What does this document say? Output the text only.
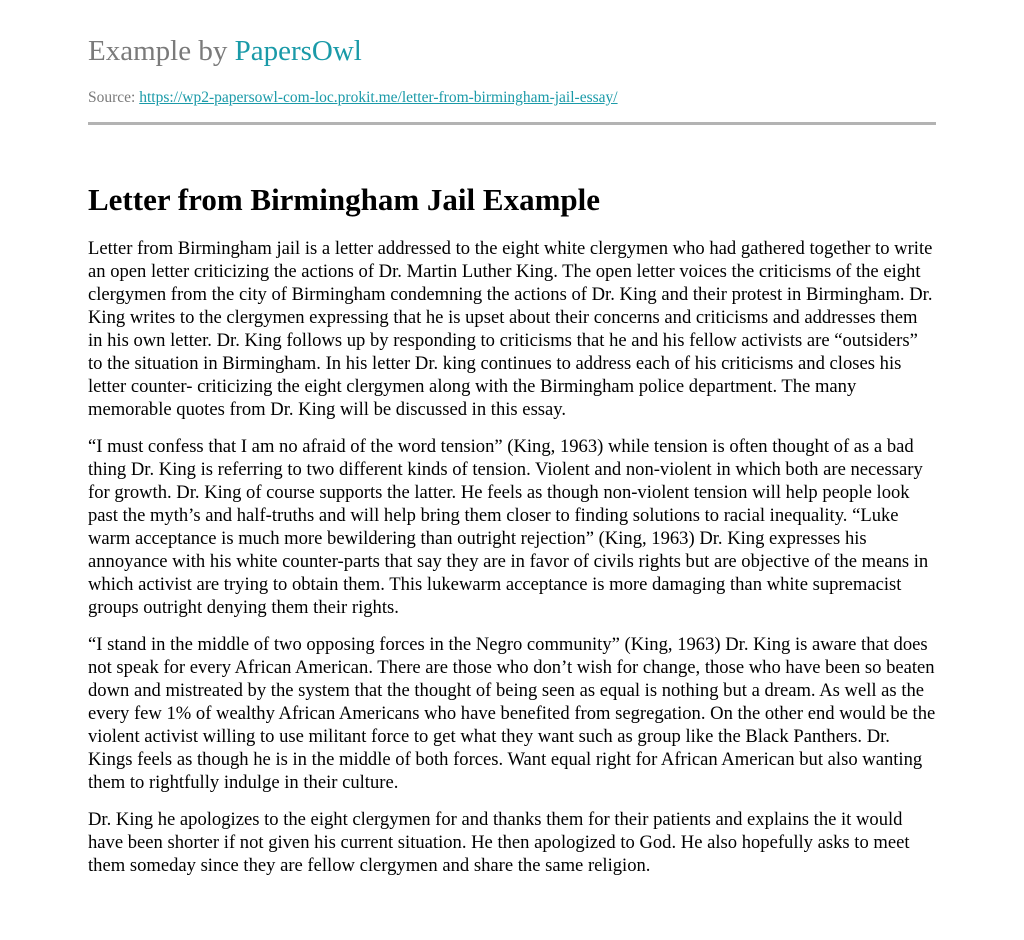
Example by PapersOwl
Source: https://wp2-papersowl-com-loc.prokit.me/letter-from-birmingham-jail-essay/
Letter from Birmingham Jail Example

Letter from Birmingham jail is a letter addressed to the eight white clergymen who had gathered together to write an open letter criticizing the actions of Dr. Martin Luther King. The open letter voices the criticisms of the eight clergymen from the city of Birmingham condemning the actions of Dr. King and their protest in Birmingham. Dr. King writes to the clergymen expressing that he is upset about their concerns and criticisms and addresses them in his own letter. Dr. King follows up by responding to criticisms that he and his fellow activists are “outsiders” to the situation in Birmingham. In his letter Dr. king continues to address each of his criticisms and closes his letter counter- criticizing the eight clergymen along with the Birmingham police department. The many memorable quotes from Dr. King will be discussed in this essay.

“I must confess that I am no afraid of the word tension” (King, 1963) while tension is often thought of as a bad thing Dr. King is referring to two different kinds of tension. Violent and non-violent in which both are necessary for growth. Dr. King of course supports the latter. He feels as though non-violent tension will help people look past the myth’s and half-truths and will help bring them closer to finding solutions to racial inequality. “Luke warm acceptance is much more bewildering than outright rejection” (King, 1963) Dr. King expresses his annoyance with his white counter-parts that say they are in favor of civils rights but are objective of the means in which activist are trying to obtain them. This lukewarm acceptance is more damaging than white supremacist groups outright denying them their rights.

“I stand in the middle of two opposing forces in the Negro community” (King, 1963) Dr. King is aware that does not speak for every African American. There are those who don’t wish for change, those who have been so beaten down and mistreated by the system that the thought of being seen as equal is nothing but a dream. As well as the every few 1% of wealthy African Americans who have benefited from segregation. On the other end would be the violent activist willing to use militant force to get what they want such as group like the Black Panthers. Dr. Kings feels as though he is in the middle of both forces. Want equal right for African American but also wanting them to rightfully indulge in their culture.

Dr. King he apologizes to the eight clergymen for and thanks them for their patients and explains the it would have been shorter if not given his current situation. He then apologized to God. He also hopefully asks to meet them someday since they are fellow clergymen and share the same religion.
